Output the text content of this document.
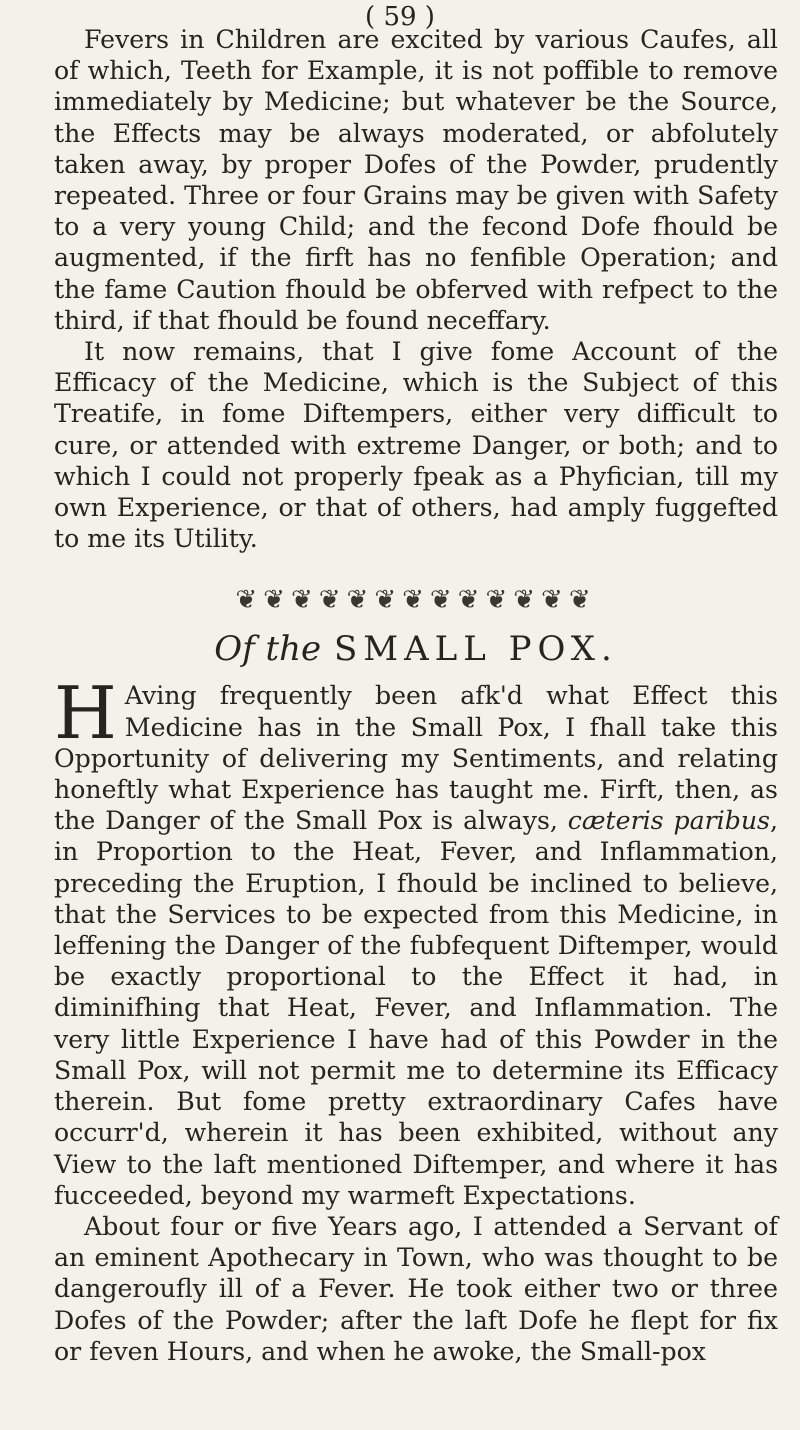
( 59 )

Fevers in Children are excited by various Caufes, all of which, Teeth for Example, it is not poffible to remove immediately by Medicine; but whatever be the Source, the Effects may be always moderated, or abfolutely taken away, by proper Dofes of the Powder, prudently repeated. Three or four Grains may be given with Safety to a very young Child; and the fecond Dofe fhould be augmented, if the firft has no fenfible Operation; and the fame Caution fhould be obferved with refpect to the third, if that fhould be found neceffary.

It now remains, that I give fome Account of the Efficacy of the Medicine, which is the Subject of this Treatife, in fome Diftempers, either very difficult to cure, or attended with extreme Danger, or both; and to which I could not properly fpeak as a Phyfician, till my own Experience, or that of others, had amply fuggefted to me its Utility.

❦❦❦❦❦❦❦❦❦❦❦❦❦
Of the SMALL POX.

H Aving frequently been afk'd what Effect this Medicine has in the Small Pox, I fhall take this Opportunity of delivering my Sentiments, and relating honeftly what Experience has taught me. Firft, then, as the Danger of the Small Pox is always, cæteris paribus, in Proportion to the Heat, Fever, and Inflammation, preceding the Eruption, I fhould be inclined to believe, that the Services to be expected from this Medicine, in leffening the Danger of the fubfequent Diftemper, would be exactly proportional to the Effect it had, in diminifhing that Heat, Fever, and Inflammation. The very little Experience I have had of this Powder in the Small Pox, will not permit me to determine its Efficacy therein. But fome pretty extraordinary Cafes have occurr'd, wherein it has been exhibited, without any View to the laft mentioned Diftemper, and where it has fucceeded, beyond my warmeft Expectations.

About four or five Years ago, I attended a Servant of an eminent Apothecary in Town, who was thought to be dangeroufly ill of a Fever. He took either two or three Dofes of the Powder; after the laft Dofe he flept for fix or feven Hours, and when he awoke, the Small-pox
